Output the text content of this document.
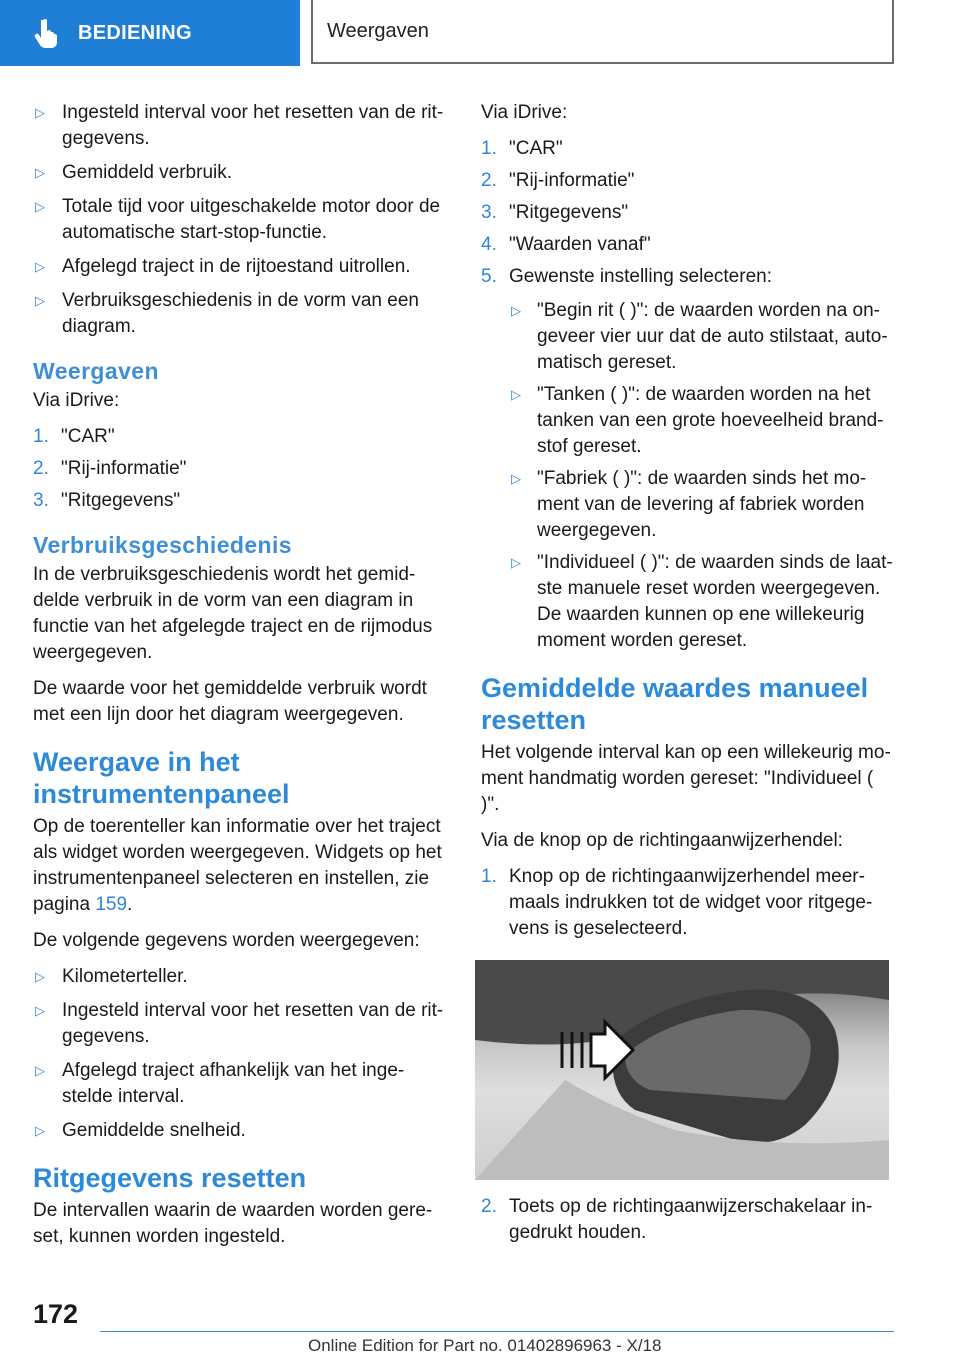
BEDIENING	Weergaven
▷ Ingesteld interval voor het resetten van de rit- gegevens.
▷ Gemiddeld verbruik.
▷ Totale tijd voor uitgeschakelde motor door de automatische start-stop-functie.
▷ Afgelegd traject in de rijtoestand uitrollen.
▷ Verbruiksgeschiedenis in de vorm van een diagram.
Weergaven

Via iDrive:

1. "CAR"
2. "Rij-informatie"
3. "Ritgegevens"
Verbruiksgeschiedenis

In de verbruiksgeschiedenis wordt het gemid- delde verbruik in de vorm van een diagram in functie van het afgelegde traject en de rijmodus weergegeven.

De waarde voor het gemiddelde verbruik wordt met een lijn door het diagram weergegeven.

Weergave in het instrumentenpaneel

Op de toerenteller kan informatie over het traject als widget worden weergegeven. Widgets op het instrumentenpaneel selecteren en instellen, zie pagina 159.

De volgende gegevens worden weergegeven:

▷ Kilometerteller.
▷ Ingesteld interval voor het resetten van de rit- gegevens.
▷ Afgelegd traject afhankelijk van het inge- stelde interval.
▷ Gemiddelde snelheid.
Ritgegevens resetten

De intervallen waarin de waarden worden gere- set, kunnen worden ingesteld.

Via iDrive:

1. "CAR"
2. "Rij-informatie"
3. "Ritgegevens"
4. "Waarden vanaf"
5. Gewenste instelling selecteren:
▷ "Begin rit ( )": de waarden worden na on- geveer vier uur dat de auto stilstaat, auto- matisch gereset.
▷ "Tanken ( )": de waarden worden na het tanken van een grote hoeveelheid brand- stof gereset.
▷ "Fabriek ( )": de waarden sinds het mo- ment van de levering af fabriek worden weergegeven.
▷ "Individueel ( )": de waarden sinds de laat- ste manuele reset worden weergegeven. De waarden kunnen op ene willekeurig moment worden gereset.
Gemiddelde waardes manueel resetten

Het volgende interval kan op een willekeurig mo- ment handmatig worden gereset: "Individueel ( )".

Via de knop op de richtingaanwijzerhendel:

1. Knop op de richtingaanwijzerhendel meer- maals indrukken tot de widget voor ritgege- vens is geselecteerd.
2. Toets op de richtingaanwijzerschakelaar in- gedrukt houden.
172
Online Edition for Part no. 01402896963 - X/18
